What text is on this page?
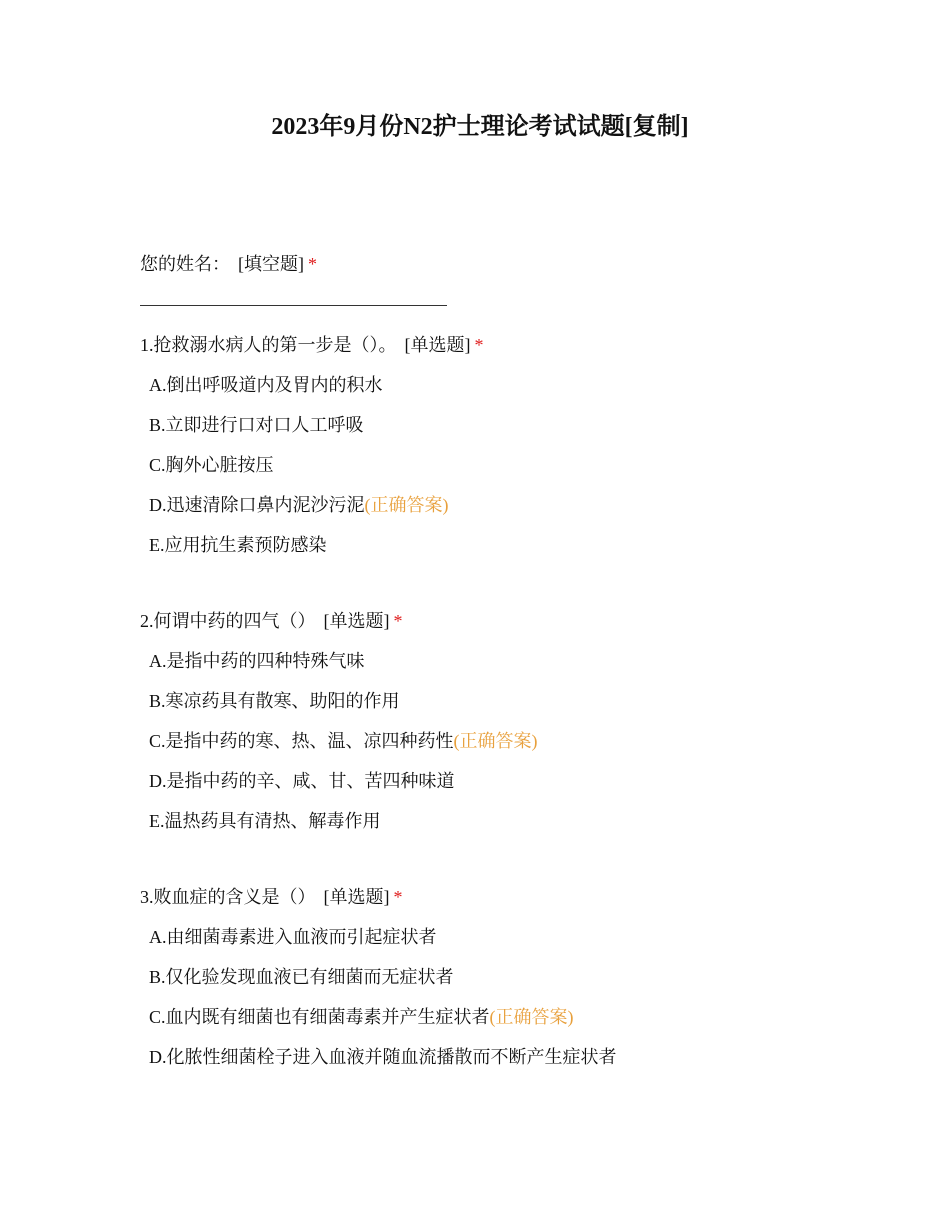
2023年9月份N2护士理论考试试题[复制]
您的姓名： [填空题] *
1.抢救溺水病人的第一步是（）。 [单选题] *
A.倒出呼吸道内及胃内的积水
B.立即进行口对口人工呼吸
C.胸外心脏按压
D.迅速清除口鼻内泥沙污泥(正确答案)
E.应用抗生素预防感染
2.何谓中药的四气（） [单选题] *
A.是指中药的四种特殊气味
B.寒凉药具有散寒、助阳的作用
C.是指中药的寒、热、温、凉四种药性(正确答案)
D.是指中药的辛、咸、甘、苦四种味道
E.温热药具有清热、解毒作用
3.败血症的含义是（） [单选题] *
A.由细菌毒素进入血液而引起症状者
B.仅化验发现血液已有细菌而无症状者
C.血内既有细菌也有细菌毒素并产生症状者(正确答案)
D.化脓性细菌栓子进入血液并随血流播散而不断产生症状者
